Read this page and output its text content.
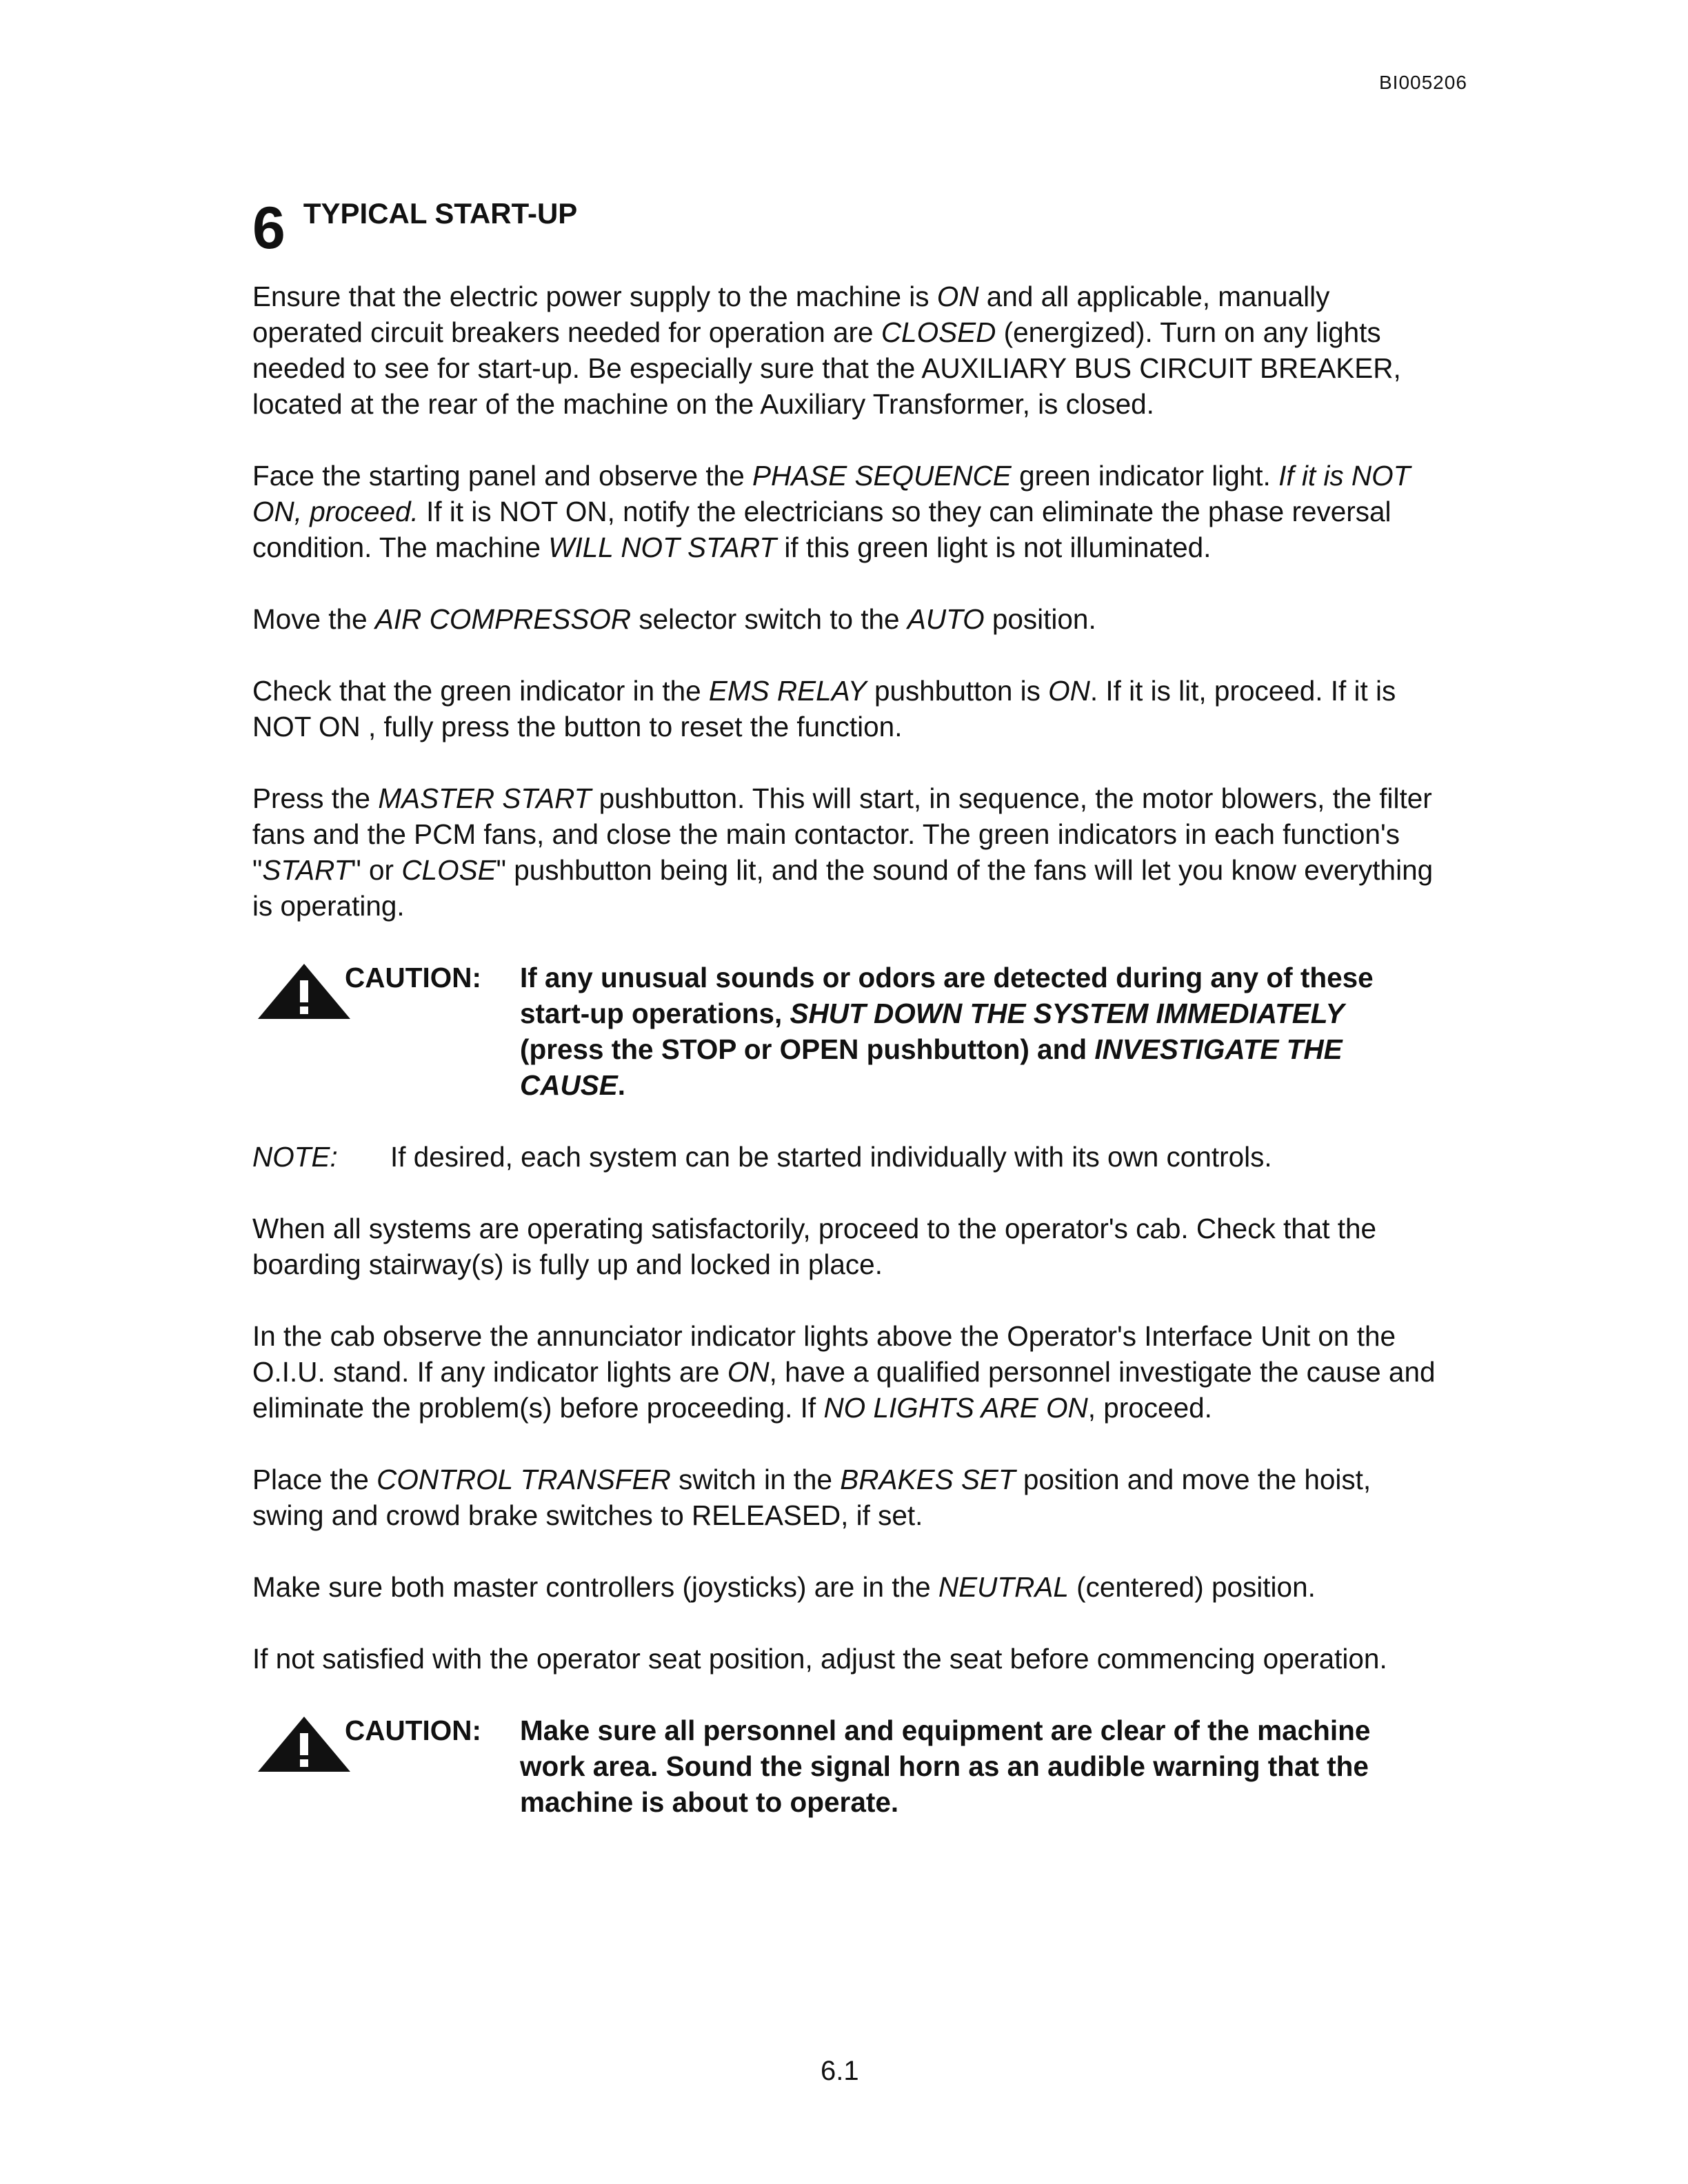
BI005206
6 TYPICAL START-UP

Ensure that the electric power supply to the machine is ON and all applicable, manually operated circuit breakers needed for operation are CLOSED (energized). Turn on any lights needed to see for start-up. Be especially sure that the AUXILIARY BUS CIRCUIT BREAKER, located at the rear of the machine on the Auxiliary Transformer, is closed.

Face the starting panel and observe the PHASE SEQUENCE green indicator light. If it is NOT ON, proceed. If it is NOT ON, notify the electricians so they can eliminate the phase reversal condition. The machine WILL NOT START if this green light is not illuminated.

Move the AIR COMPRESSOR selector switch to the AUTO position.

Check that the green indicator in the EMS RELAY pushbutton is ON. If it is lit, proceed. If it is NOT ON , fully press the button to reset the function.

Press the MASTER START pushbutton. This will start, in sequence, the motor blowers, the filter fans and the PCM fans, and close the main contactor. The green indicators in each function's "START" or CLOSE" pushbutton being lit, and the sound of the fans will let you know everything is operating.

CAUTION:	If any unusual sounds or odors are detected during any of these start-up operations, SHUT DOWN THE SYSTEM IMMEDIATELY (press the STOP or OPEN pushbutton) and INVESTIGATE THE CAUSE.
NOTE:	If desired, each system can be started individually with its own controls.

When all systems are operating satisfactorily, proceed to the operator's cab. Check that the boarding stairway(s) is fully up and locked in place.

In the cab observe the annunciator indicator lights above the Operator's Interface Unit on the O.I.U. stand. If any indicator lights are ON, have a qualified personnel investigate the cause and eliminate the problem(s) before proceeding. If NO LIGHTS ARE ON, proceed.

Place the CONTROL TRANSFER switch in the BRAKES SET position and move the hoist, swing and crowd brake switches to RELEASED, if set.

Make sure both master controllers (joysticks) are in the NEUTRAL (centered) position.

If not satisfied with the operator seat position, adjust the seat before commencing operation.

CAUTION:	Make sure all personnel and equipment are clear of the machine work area. Sound the signal horn as an audible warning that the machine is about to operate.
6.1
